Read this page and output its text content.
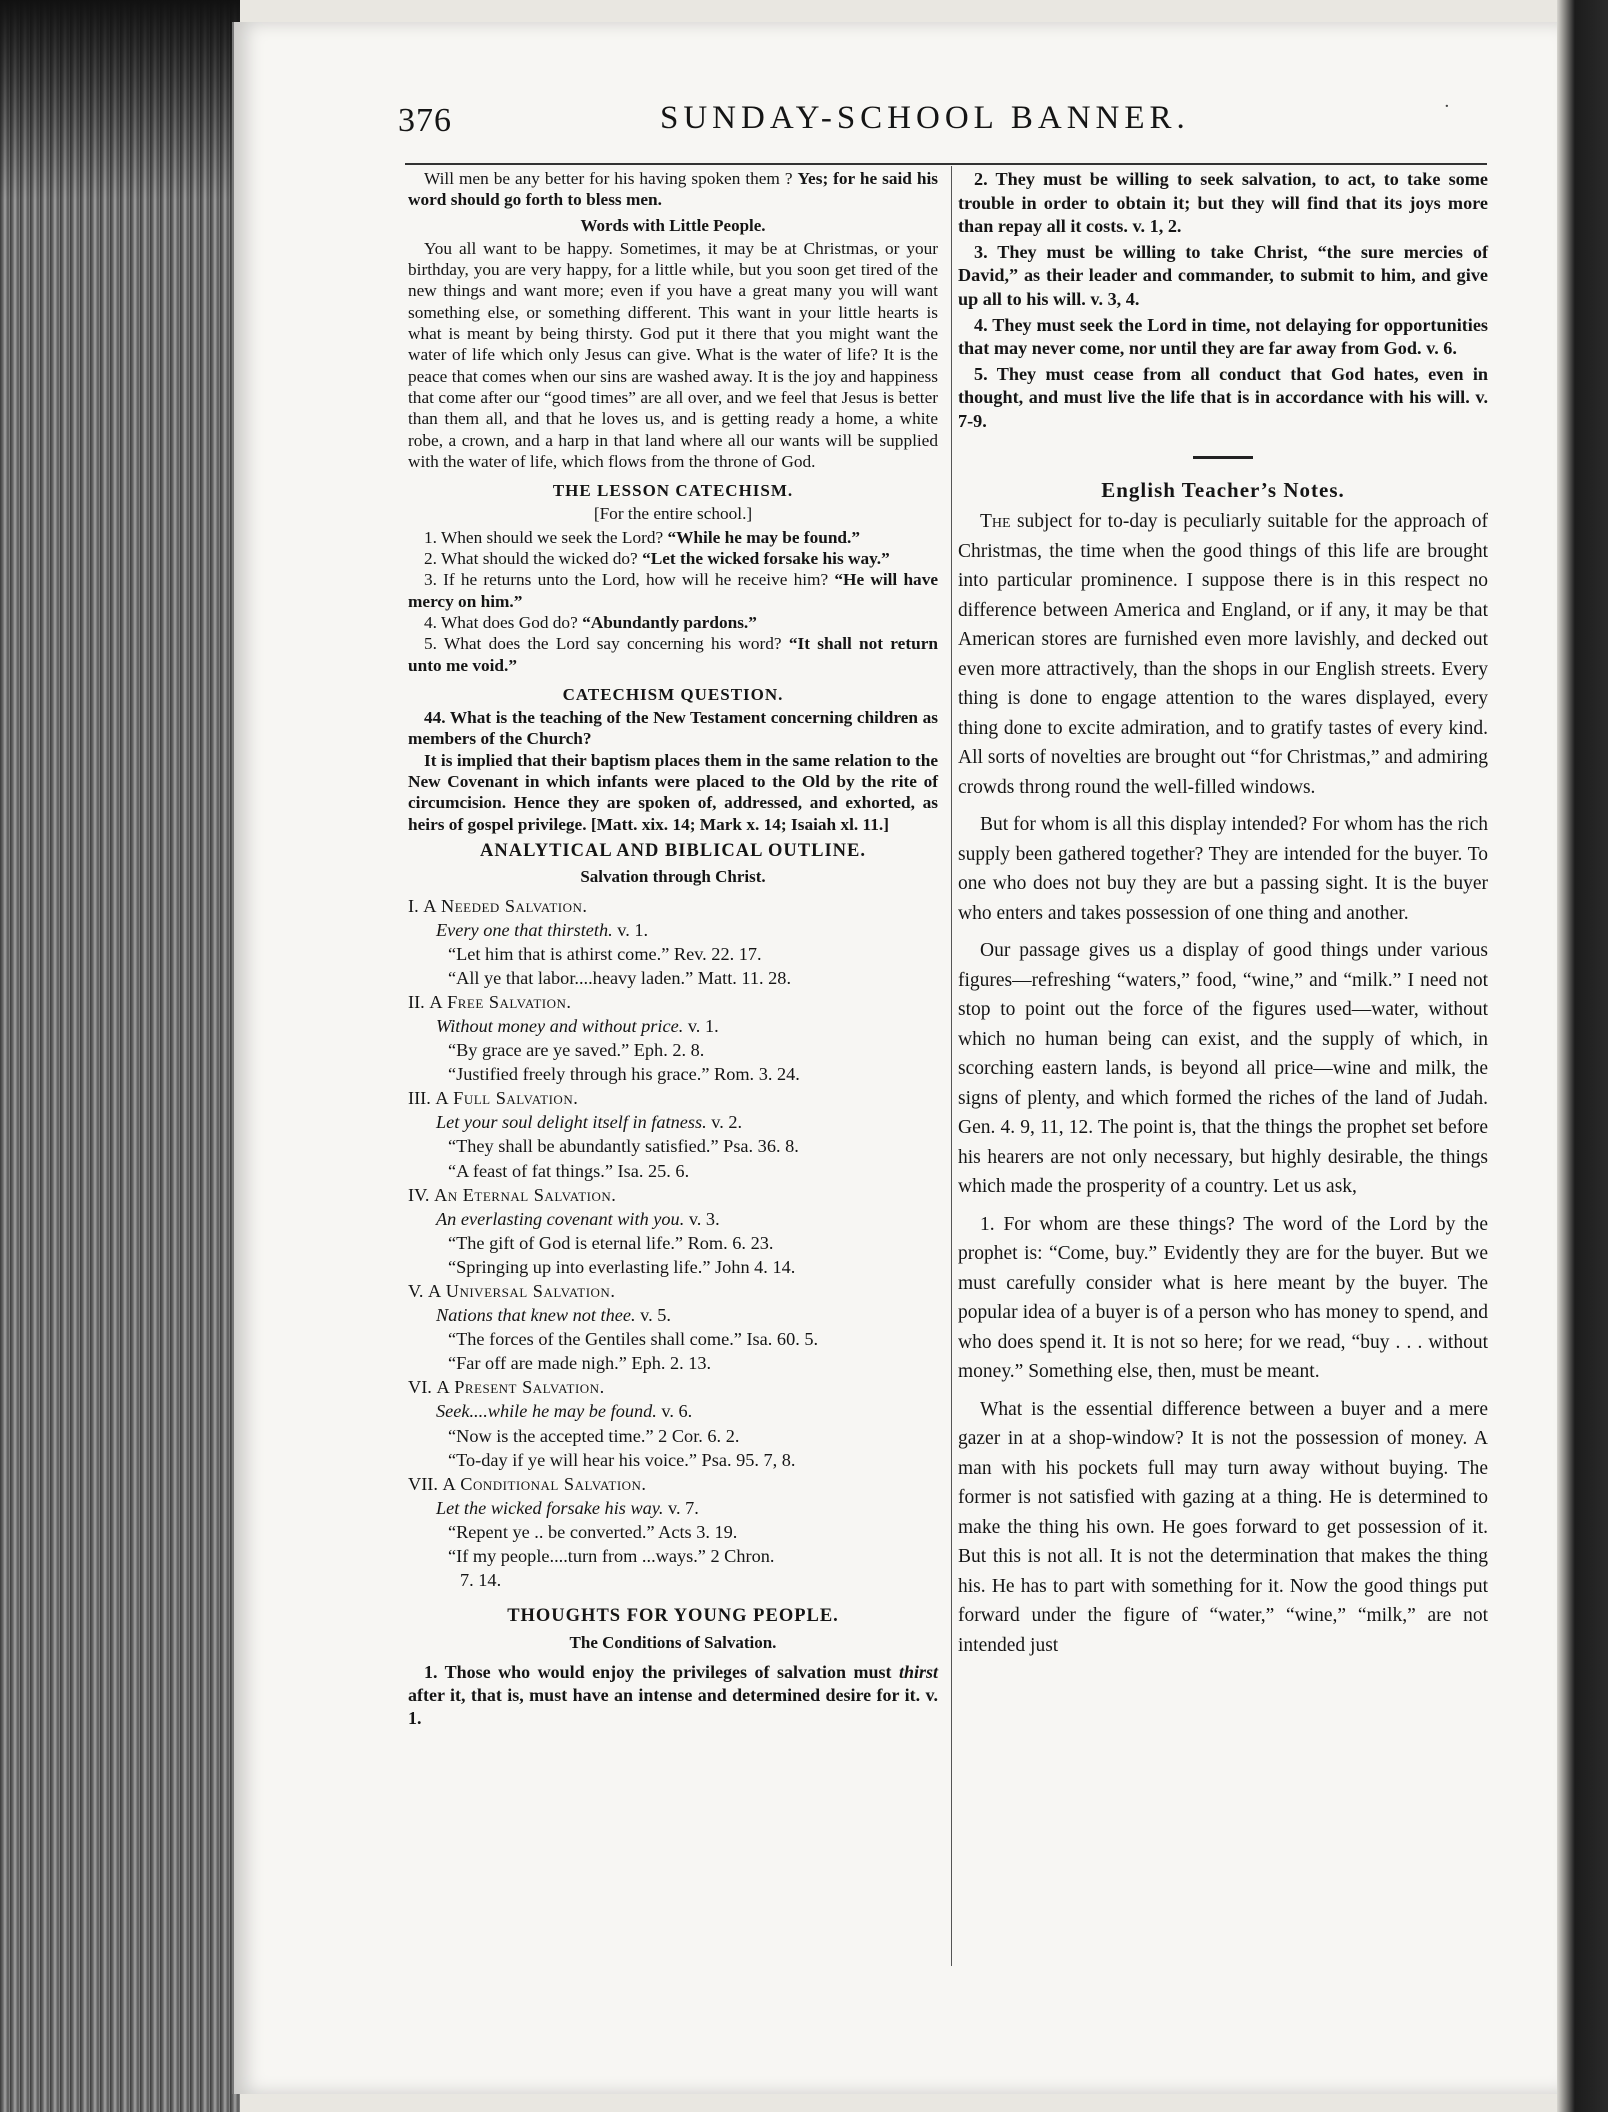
376	SUNDAY-SCHOOL BANNER.	·

Will men be any better for his having spoken them ? Yes; for he said his word should go forth to bless men.

Words with Little People.

You all want to be happy. Sometimes, it may be at Christmas, or your birthday, you are very happy, for a little while, but you soon get tired of the new things and want more; even if you have a great many you will want something else, or something different. This want in your little hearts is what is meant by being thirsty. God put it there that you might want the water of life which only Jesus can give. What is the water of life? It is the peace that comes when our sins are washed away. It is the joy and happiness that come after our “good times” are all over, and we feel that Jesus is better than them all, and that he loves us, and is getting ready a home, a white robe, a crown, and a harp in that land where all our wants will be supplied with the water of life, which flows from the throne of God.

THE LESSON CATECHISM.
[For the entire school.]

1. When should we seek the Lord? “While he may be found.”

2. What should the wicked do? “Let the wicked forsake his way.”

3. If he returns unto the Lord, how will he receive him? “He will have mercy on him.”

4. What does God do? “Abundantly pardons.”

5. What does the Lord say concerning his word? “It shall not return unto me void.”

CATECHISM QUESTION.

44. What is the teaching of the New Testament concerning children as members of the Church?

It is implied that their baptism places them in the same relation to the New Covenant in which infants were placed to the Old by the rite of circumcision. Hence they are spoken of, addressed, and exhorted, as heirs of gospel privilege. [Matt. xix. 14; Mark x. 14; Isaiah xl. 11.]

ANALYTICAL AND BIBLICAL OUTLINE.
Salvation through Christ.

I. A Needed Salvation.

Every one that thirsteth. v. 1.

“Let him that is athirst come.” Rev. 22. 17.

“All ye that labor....heavy laden.” Matt. 11. 28.

II. A Free Salvation.

Without money and without price. v. 1.

“By grace are ye saved.” Eph. 2. 8.

“Justified freely through his grace.” Rom. 3. 24.

III. A Full Salvation.

Let your soul delight itself in fatness. v. 2.

“They shall be abundantly satisfied.” Psa. 36. 8.

“A feast of fat things.” Isa. 25. 6.

IV. An Eternal Salvation.

An everlasting covenant with you. v. 3.

“The gift of God is eternal life.” Rom. 6. 23.

“Springing up into everlasting life.” John 4. 14.

V. A Universal Salvation.

Nations that knew not thee. v. 5.

“The forces of the Gentiles shall come.” Isa. 60. 5.

“Far off are made nigh.” Eph. 2. 13.

VI. A Present Salvation.

Seek....while he may be found. v. 6.

“Now is the accepted time.” 2 Cor. 6. 2.

“To-day if ye will hear his voice.” Psa. 95. 7, 8.

VII. A Conditional Salvation.

Let the wicked forsake his way. v. 7.

“Repent ye .. be converted.” Acts 3. 19.

“If my people....turn from ...ways.” 2 Chron.

7. 14.

THOUGHTS FOR YOUNG PEOPLE.
The Conditions of Salvation.

1. Those who would enjoy the privileges of salvation must thirst after it, that is, must have an intense and determined desire for it. v. 1.

2. They must be willing to seek salvation, to act, to take some trouble in order to obtain it; but they will find that its joys more than repay all it costs. v. 1, 2.

3. They must be willing to take Christ, “the sure mercies of David,” as their leader and commander, to submit to him, and give up all to his will. v. 3, 4.

4. They must seek the Lord in time, not delaying for opportunities that may never come, nor until they are far away from God. v. 6.

5. They must cease from all conduct that God hates, even in thought, and must live the life that is in accordance with his will. v. 7-9.

English Teacher’s Notes.

The subject for to-day is peculiarly suitable for the approach of Christmas, the time when the good things of this life are brought into particular prominence. I suppose there is in this respect no difference between America and England, or if any, it may be that American stores are furnished even more lavishly, and decked out even more attractively, than the shops in our English streets. Every thing is done to engage attention to the wares displayed, every thing done to excite admiration, and to gratify tastes of every kind. All sorts of novelties are brought out “for Christmas,” and admiring crowds throng round the well-filled windows.

But for whom is all this display intended? For whom has the rich supply been gathered together? They are intended for the buyer. To one who does not buy they are but a passing sight. It is the buyer who enters and takes possession of one thing and another.

Our passage gives us a display of good things under various figures—refreshing “waters,” food, “wine,” and “milk.” I need not stop to point out the force of the figures used—water, without which no human being can exist, and the supply of which, in scorching eastern lands, is beyond all price—wine and milk, the signs of plenty, and which formed the riches of the land of Judah. Gen. 4. 9, 11, 12. The point is, that the things the prophet set before his hearers are not only necessary, but highly desirable, the things which made the prosperity of a country. Let us ask,

1. For whom are these things? The word of the Lord by the prophet is: “Come, buy.” Evidently they are for the buyer. But we must carefully consider what is here meant by the buyer. The popular idea of a buyer is of a person who has money to spend, and who does spend it. It is not so here; for we read, “buy . . . without money.” Something else, then, must be meant.

What is the essential difference between a buyer and a mere gazer in at a shop-window? It is not the possession of money. A man with his pockets full may turn away without buying. The former is not satisfied with gazing at a thing. He is determined to make the thing his own. He goes forward to get possession of it. But this is not all. It is not the determination that makes the thing his. He has to part with something for it. Now the good things put forward under the figure of “water,” “wine,” “milk,” are not intended just
